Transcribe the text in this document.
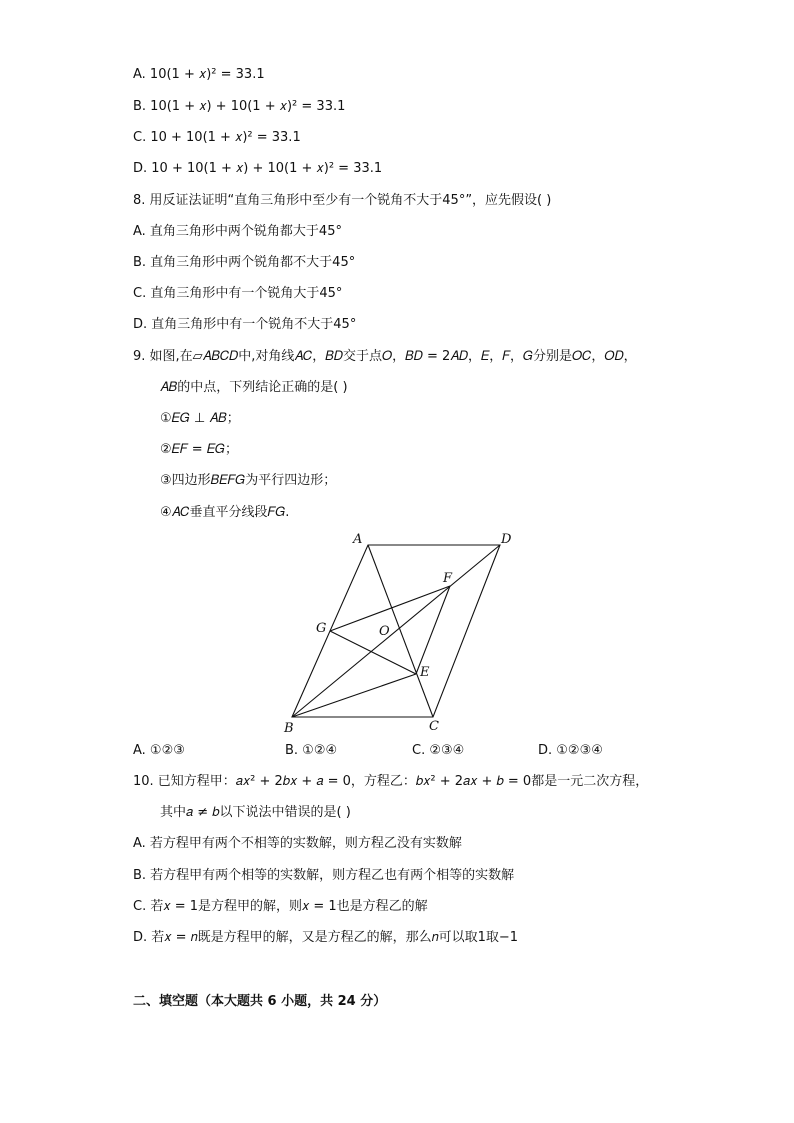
A. 10(1 + 𝑥)² = 33.1
B. 10(1 + 𝑥) + 10(1 + 𝑥)² = 33.1
C. 10 + 10(1 + 𝑥)² = 33.1
D. 10 + 10(1 + 𝑥) + 10(1 + 𝑥)² = 33.1
8. 用反证法证明“直角三角形中至少有一个锐角不大于45°”，应先假设( )
A. 直角三角形中两个锐角都大于45°
B. 直角三角形中两个锐角都不大于45°
C. 直角三角形中有一个锐角大于45°
D. 直角三角形中有一个锐角不大于45°
9. 如图,在▱𝐴𝐵𝐶𝐷中,对角线𝐴𝐶，𝐵𝐷交于点𝑂，𝐵𝐷 = 2𝐴𝐷，𝐸，𝐹，𝐺分别是𝑂𝐶，𝑂𝐷，
𝐴𝐵的中点，下列结论正确的是( )
①𝐸𝐺 ⊥ 𝐴𝐵；
②𝐸𝐹 = 𝐸𝐺；
③四边形𝐵𝐸𝐹𝐺为平行四边形；
④𝐴𝐶垂直平分线段𝐹𝐺.
A	D
F
G	O
E
B	C
A. ①②③	B. ①②④	C. ②③④	D. ①②③④
10. 已知方程甲：𝑎𝑥² + 2𝑏𝑥 + 𝑎 = 0，方程乙：𝑏𝑥² + 2𝑎𝑥 + 𝑏 = 0都是一元二次方程，
其中𝑎 ≠ 𝑏以下说法中错误的是( )
A. 若方程甲有两个不相等的实数解，则方程乙没有实数解
B. 若方程甲有两个相等的实数解，则方程乙也有两个相等的实数解
C. 若𝑥 = 1是方程甲的解，则𝑥 = 1也是方程乙的解
D. 若𝑥 = 𝑛既是方程甲的解，又是方程乙的解，那么𝑛可以取1取−1
二、填空题（本大题共 6 小题，共 24 分）
